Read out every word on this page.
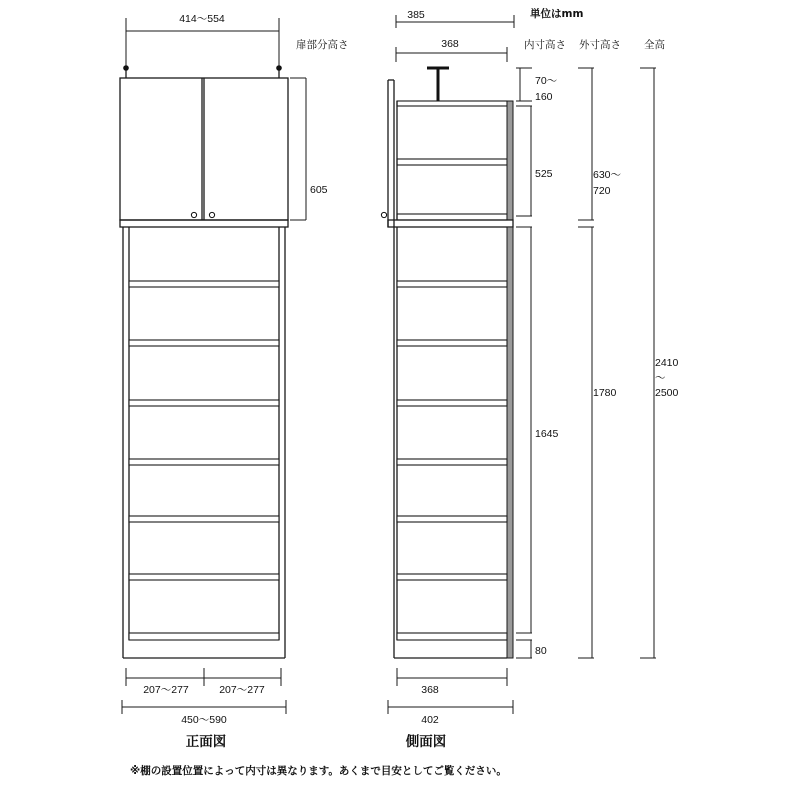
414〜554
605
207〜277	207〜277
450〜590
正面図
385
368
368
402
側面図
単位はmm
扉部分高さ	内寸高さ 外寸高さ 全高
70〜
160
525
1645
80
630〜
720
1780
2410
〜
2500
※棚の設置位置によって内寸は異なります。あくまで目安としてご覧ください。
